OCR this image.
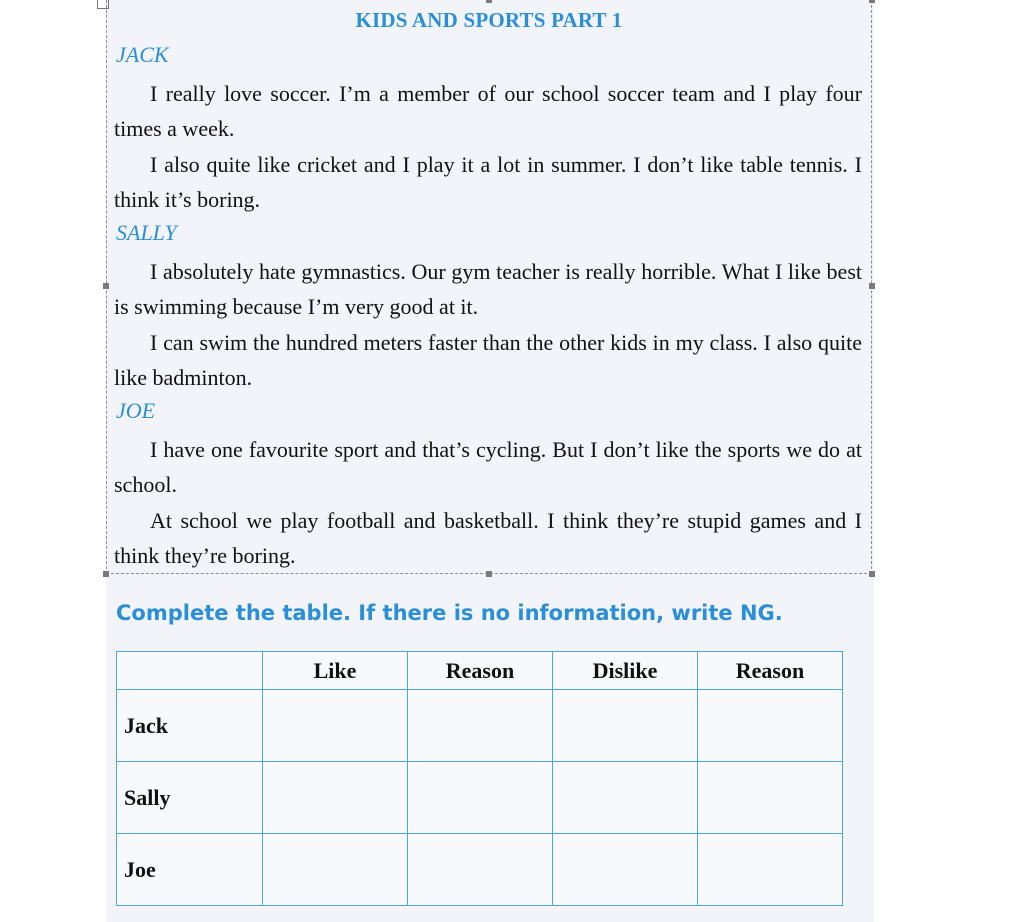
KIDS AND SPORTS PART 1
JACK
I really love soccer. I’m a member of our school soccer team and I play four times a week.
I also quite like cricket and I play it a lot in summer. I don’t like table tennis. I think it’s boring.
SALLY
I absolutely hate gymnastics. Our gym teacher is really horrible. What I like best is swimming because I’m very good at it.
I can swim the hundred meters faster than the other kids in my class. I also quite like badminton.
JOE
I have one favourite sport and that’s cycling. But I don’t like the sports we do at school.
At school we play football and basketball. I think they’re stupid games and I think they’re boring.
Complete the table. If there is no information, write NG.
	Like	Reason	Dislike	Reason
Jack				
Sally				
Joe				
